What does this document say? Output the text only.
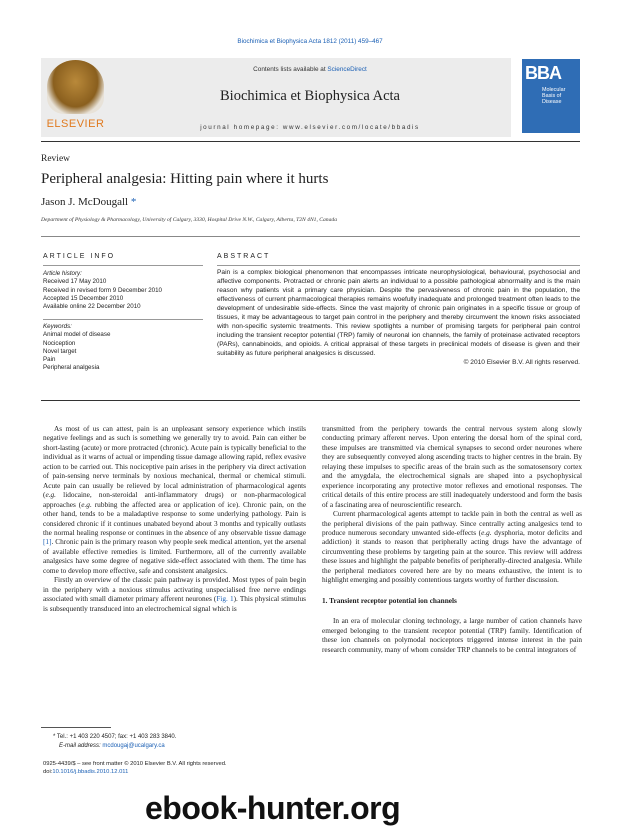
Biochimica et Biophysica Acta 1812 (2011) 459–467
ELSEVIER
Contents lists available at ScienceDirect
Biochimica et Biophysica Acta
journal homepage: www.elsevier.com/locate/bbadis
BBA
Molecular Basis of Disease
Review
Peripheral analgesia: Hitting pain where it hurts
Jason J. McDougall *
Department of Physiology & Pharmacology, University of Calgary, 3330, Hospital Drive N.W., Calgary, Alberta, T2N 4N1, Canada
ARTICLE INFO
Article history:
Received 17 May 2010
Received in revised form 9 December 2010
Accepted 15 December 2010
Available online 22 December 2010
Keywords:
Animal model of disease
Nociception
Novel target
Pain
Peripheral analgesia
ABSTRACT
Pain is a complex biological phenomenon that encompasses intricate neurophysiological, behavioural, psychosocial and affective components. Protracted or chronic pain alerts an individual to a possible pathological abnormality and is the main reason why patients visit a primary care physician. Despite the pervasiveness of chronic pain in the population, the effectiveness of current pharmacological therapies remains woefully inadequate and prolonged treatment often leads to the development of undesirable side-effects. Since the vast majority of chronic pain originates in a specific tissue or group of tissues, it may be advantageous to target pain control in the periphery and thereby circumvent the known risks associated with non-specific systemic treatments. This review spotlights a number of promising targets for peripheral pain control including the transient receptor potential (TRP) family of neuronal ion channels, the family of proteinase activated receptors (PARs), cannabinoids, and opioids. A critical appraisal of these targets in preclinical models of disease is given and their suitability as future peripheral analgesics is discussed.
© 2010 Elsevier B.V. All rights reserved.

As most of us can attest, pain is an unpleasant sensory experience which instils negative feelings and as such is something we generally try to avoid. Pain can either be short-lasting (acute) or more protracted (chronic). Acute pain is typically beneficial to the individual as it warns of actual or impending tissue damage allowing rapid, reflex evasive action to be carried out. This nociceptive pain arises in the periphery via direct activation of pain-sensing nerve terminals by noxious mechanical, thermal or chemical stimuli. Acute pain can usually be relieved by local administration of pharmacological agents (e.g. lidocaine, non-steroidal anti-inflammatory drugs) or non-pharmacological approaches (e.g. rubbing the affected area or application of ice). Chronic pain, on the other hand, tends to be a maladaptive response to some underlying pathology. Pain is considered chronic if it continues unabated beyond about 3 months and typically outlasts the normal healing response or continues in the absence of any observable tissue damage [1]. Chronic pain is the primary reason why people seek medical attention, yet the arsenal of available effective remedies is limited. Furthermore, all of the currently available analgesics have some degree of negative side-effect associated with them. The time has come to develop more effective, safe and consistent analgesics.

Firstly an overview of the classic pain pathway is provided. Most types of pain begin in the periphery with a noxious stimulus activating unspecialised free nerve endings associated with small diameter primary afferent neurones (Fig. 1). This physical stimulus is subsequently transduced into an electrochemical signal which is

transmitted from the periphery towards the central nervous system along slowly conducting primary afferent nerves. Upon entering the dorsal horn of the spinal cord, these impulses are transmitted via chemical synapses to second order neurones where they are subsequently conveyed along ascending tracts to higher centres in the brain. By relaying these impulses to specific areas of the brain such as the somatosensory cortex and the amygdala, the electrochemical signals are shaped into a psychophysical experience incorporating any protective motor reflexes and emotional responses. The critical details of this entire process are still inadequately understood and form the basis of a fascinating area of neuroscientific research.

Current pharmacological agents attempt to tackle pain in both the central as well as the peripheral divisions of the pain pathway. Since centrally acting analgesics tend to produce numerous secondary unwanted side-effects (e.g. dysphoria, motor deficits and addiction) it stands to reason that peripherally acting drugs have the advantage of circumventing these problems by targeting pain at the source. This review will address these issues and highlight the palpable benefits of peripherally-directed analgesia. While the peripheral mediators covered here are by no means exhaustive, the intent is to highlight emerging and possibly contentious targets worthy of further discussion.

1. Transient receptor potential ion channels

In an era of molecular cloning technology, a large number of cation channels have emerged belonging to the transient receptor potential (TRP) family. Identification of these ion channels on polymodal nociceptors triggered intense interest in the pain research community, many of whom consider TRP channels to be central integrators of

* Tel.: +1 403 220 4507; fax: +1 403 283 3840.
E-mail address: mcdougaj@ucalgary.ca
0925-4439/$ – see front matter © 2010 Elsevier B.V. All rights reserved.
doi:10.1016/j.bbadis.2010.12.011
ebook-hunter.org
